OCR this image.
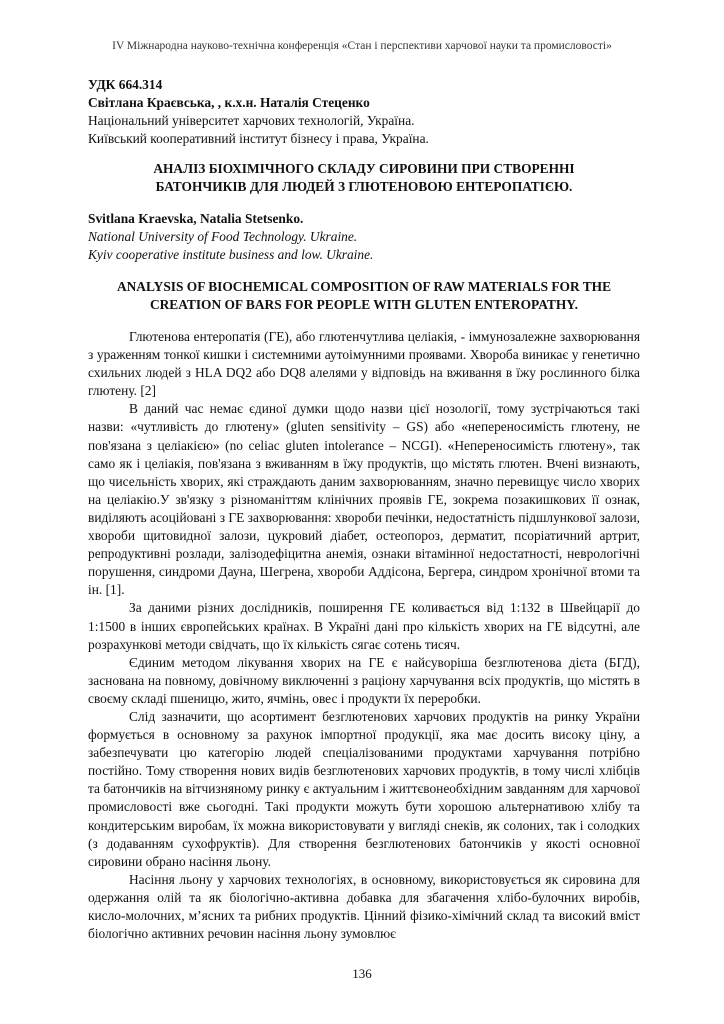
IV Міжнародна науково-технічна конференція «Стан і перспективи харчової науки та промисловості»

УДК 664.314

Світлана Краєвська, , к.х.н. Наталія Стеценко

Національний університет харчових технологій, Україна.

Київський кооперативний інститут бізнесу і права, Україна.

АНАЛІЗ БІОХІМІЧНОГО СКЛАДУ СИРОВИНИ ПРИ СТВОРЕННІ

БАТОНЧИКІВ ДЛЯ ЛЮДЕЙ З ГЛЮТЕНОВОЮ ЕНТЕРОПАТІЄЮ.

Svitlana Kraevska, Natalia Stetsenko.

National University of Food Technology. Ukraine.

Kyiv cooperative institute business and low. Ukraine.

ANALYSIS OF BIOCHEMICAL COMPOSITION OF RAW MATERIALS FOR THE

CREATION OF BARS FOR PEOPLE WITH GLUTEN ENTEROPATHY.

Глютенова ентеропатія (ГЕ), або глютенчутлива целіакія, - іммунозалежне захворювання з ураженням тонкої кишки і системними аутоімунними проявами. Хвороба виникає у генетично схильних людей з HLA DQ2 або DQ8 алелями у відповідь на вживання в їжу рослинного білка глютену. [2]

В даний час немає єдиної думки щодо назви цієї нозології, тому зустрічаються такі назви: «чутливість до глютену» (gluten sensitivity – GS) або «непереносимість глютену, не пов'язана з целіакією» (no celiac gluten intolerance – NCGI). «Непереносимість глютену», так само як і целіакія, пов'язана з вживанням в їжу продуктів, що містять глютен. Вчені визнають, що чисельність хворих, які страждають даним захворюванням, значно перевищує число хворих на целіакію.У зв'язку з різноманіттям клінічних проявів ГЕ, зокрема позакишкових її ознак, виділяють асоційовані з ГЕ захворювання: хвороби печінки, недостатність підшлункової залози, хвороби щитовидної залози, цукровий діабет, остеопороз, дерматит, псоріатичний артрит, репродуктивні розлади, залізодефіцитна анемія, ознаки вітамінної недостатності, неврологічні порушення, синдроми Дауна, Шегрена, хвороби Аддісона, Бергера, синдром хронічної втоми та ін. [1].

За даними різних дослідників, поширення ГЕ коливається від 1:132 в Швейцарії до 1:1500 в інших європейських країнах. В Україні дані про кількість хворих на ГЕ відсутні, але розрахункові методи свідчать, що їх кількість сягає сотень тисяч.

Єдиним методом лікування хворих на ГЕ є найсуворіша безглютенова дієта (БГД), заснована на повному, довічному виключенні з раціону харчування всіх продуктів, що містять в своєму складі пшеницю, жито, ячмінь, овес і продукти їх переробки.

Слід зазначити, що асортимент безглютенових харчових продуктів на ринку України формується в основному за рахунок імпортної продукції, яка має досить високу ціну, а забезпечувати цю категорію людей спеціалізованими продуктами харчування потрібно постійно. Тому створення нових видів безглютенових харчових продуктів, в тому числі хлібців та батончиків на вітчизняному ринку є актуальним і життєвонеобхідним завданням для харчової промисловості вже сьогодні. Такі продукти можуть бути хорошою альтернативою хлібу та кондитерським виробам, їх можна використовувати у вигляді снеків, як солоних, так і солодких (з додаванням сухофруктів). Для створення безглютенових батончиків у якості основної сировини обрано насіння льону.

Насіння льону у харчових технологіях, в основному, використовується як сировина для одержання олій та як біологічно-активна добавка для збагачення хлібо-булочних виробів, кисло-молочних, м’ясних та рибних продуктів. Цінний фізико-хімічний склад та високий вміст біологічно активних речовин насіння льону зумовлює

136
